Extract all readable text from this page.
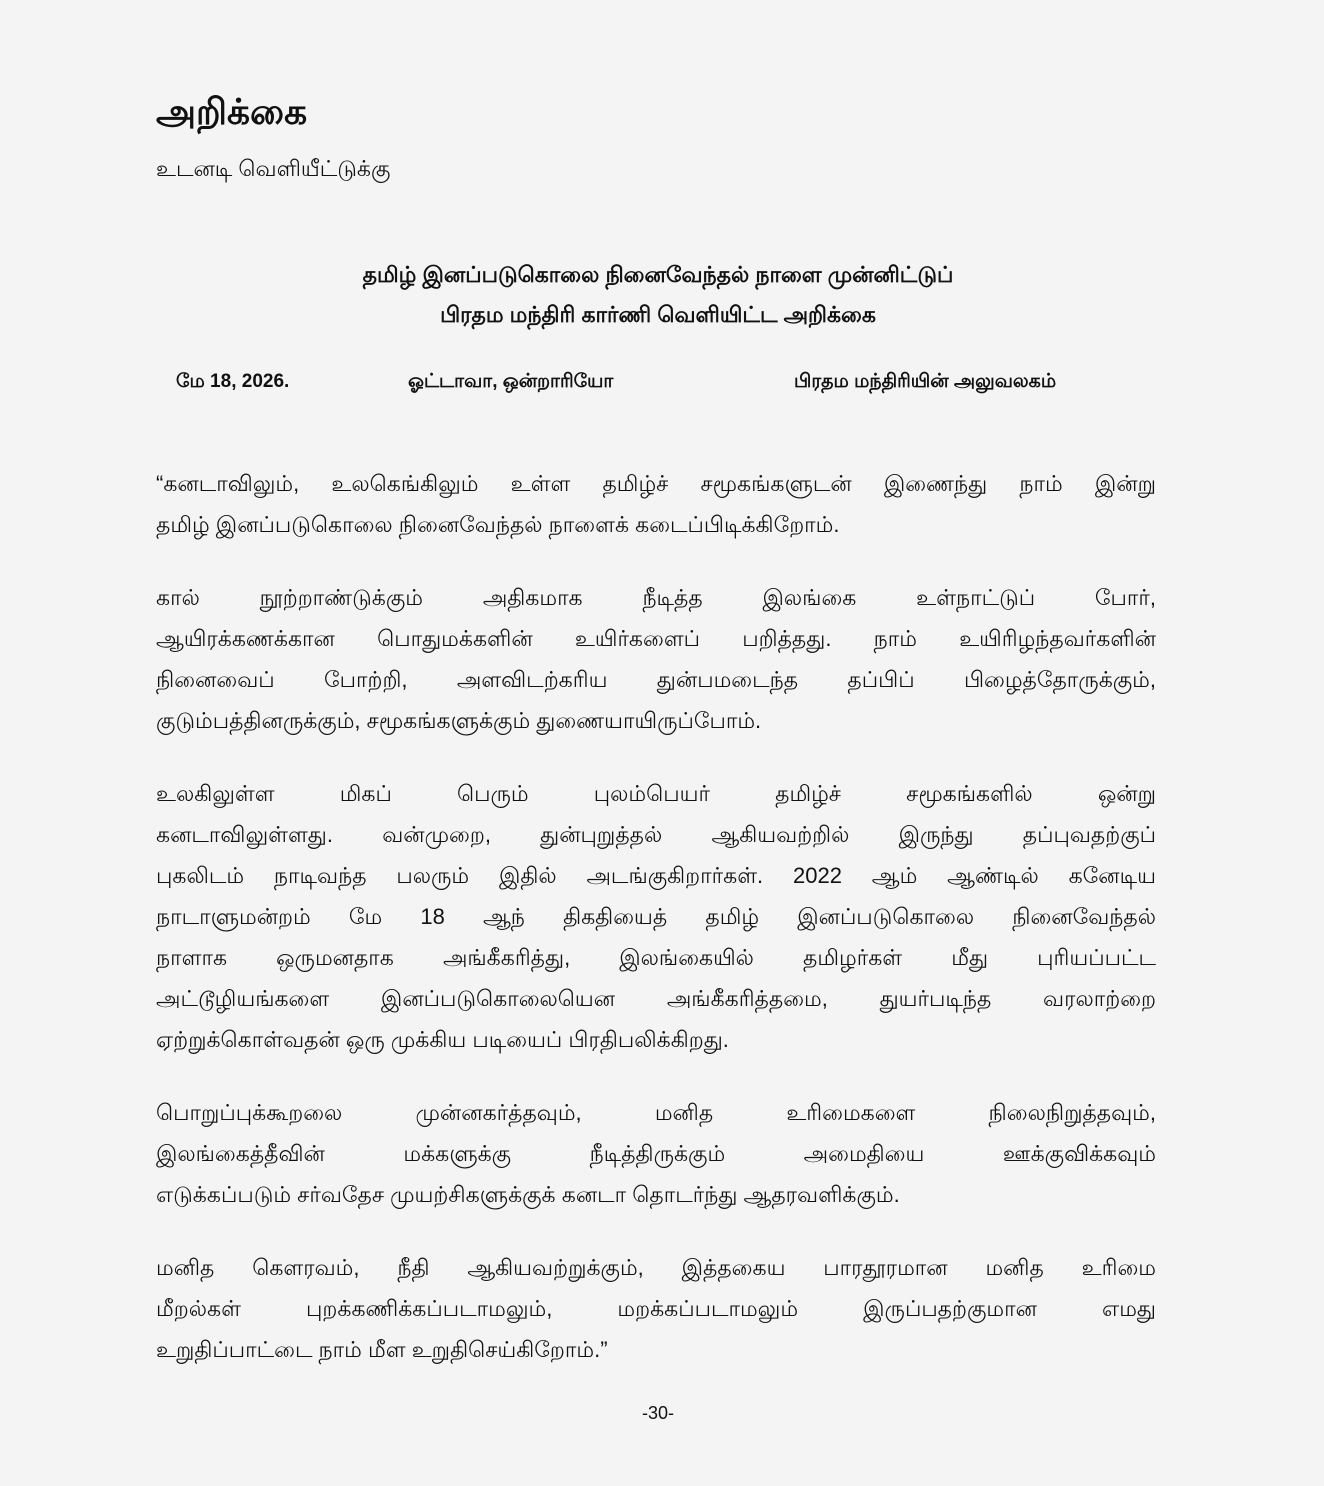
அறிக்கை
உடனடி வெளியீட்டுக்கு
தமிழ் இனப்படுகொலை நினைவேந்தல் நாளை முன்னிட்டுப்
பிரதம மந்திரி கார்ணி வெளியிட்ட அறிக்கை
மே 18, 2026.	ஓட்டாவா, ஒன்றாரியோ	பிரதம மந்திரியின் அலுவலகம்
“கனடாவிலும், உலகெங்கிலும் உள்ள தமிழ்ச் சமூகங்களுடன் இணைந்து நாம் இன்று
தமிழ் இனப்படுகொலை நினைவேந்தல் நாளைக் கடைப்பிடிக்கிறோம்.
கால் நூற்றாண்டுக்கும் அதிகமாக நீடித்த இலங்கை உள்நாட்டுப் போர்,
ஆயிரக்கணக்கான பொதுமக்களின் உயிர்களைப் பறித்தது. நாம் உயிரிழந்தவர்களின்
நினைவைப் போற்றி, அளவிடற்கரிய துன்பமடைந்த தப்பிப் பிழைத்தோருக்கும்,
குடும்பத்தினருக்கும், சமூகங்களுக்கும் துணையாயிருப்போம்.
உலகிலுள்ள மிகப் பெரும் புலம்பெயர் தமிழ்ச் சமூகங்களில் ஒன்று
கனடாவிலுள்ளது. வன்முறை, துன்புறுத்தல் ஆகியவற்றில் இருந்து தப்புவதற்குப்
புகலிடம் நாடிவந்த பலரும் இதில் அடங்குகிறார்கள். 2022 ஆம் ஆண்டில் கனேடிய
நாடாளுமன்றம் மே 18 ஆந் திகதியைத் தமிழ் இனப்படுகொலை நினைவேந்தல்
நாளாக ஒருமனதாக அங்கீகரித்து, இலங்கையில் தமிழர்கள் மீது புரியப்பட்ட
அட்டூழியங்களை இனப்படுகொலையென அங்கீகரித்தமை, துயர்படிந்த வரலாற்றை
ஏற்றுக்கொள்வதன் ஒரு முக்கிய படியைப் பிரதிபலிக்கிறது.
பொறுப்புக்கூறலை முன்னகர்த்தவும், மனித உரிமைகளை நிலைநிறுத்தவும்,
இலங்கைத்தீவின் மக்களுக்கு நீடித்திருக்கும் அமைதியை ஊக்குவிக்கவும்
எடுக்கப்படும் சர்வதேச முயற்சிகளுக்குக் கனடா தொடர்ந்து ஆதரவளிக்கும்.
மனித கௌரவம், நீதி ஆகியவற்றுக்கும், இத்தகைய பாரதூரமான மனித உரிமை
மீறல்கள் புறக்கணிக்கப்படாமலும், மறக்கப்படாமலும் இருப்பதற்குமான எமது
உறுதிப்பாட்டை நாம் மீள உறுதிசெய்கிறோம்.”
-30-
